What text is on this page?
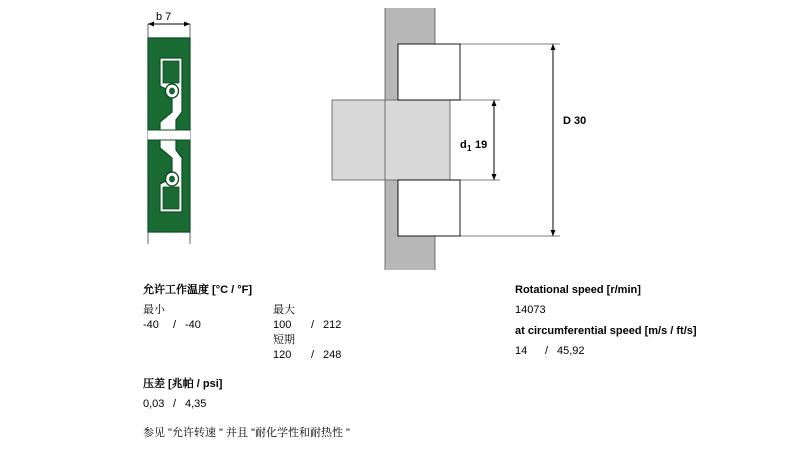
b 7
D 30
d 1 19
允许工作温度 [°C / °F]
最小	最大
-40 / -40	100 / 212
短期
120 / 248
压差 [兆帕 / psi]
0,03 / 4,35
参见 "允许转速 " 并且 "耐化学性和耐热性 "
Rotational speed [r/min]
14073
at circumferential speed [m/s / ft/s]
14 / 45,92
